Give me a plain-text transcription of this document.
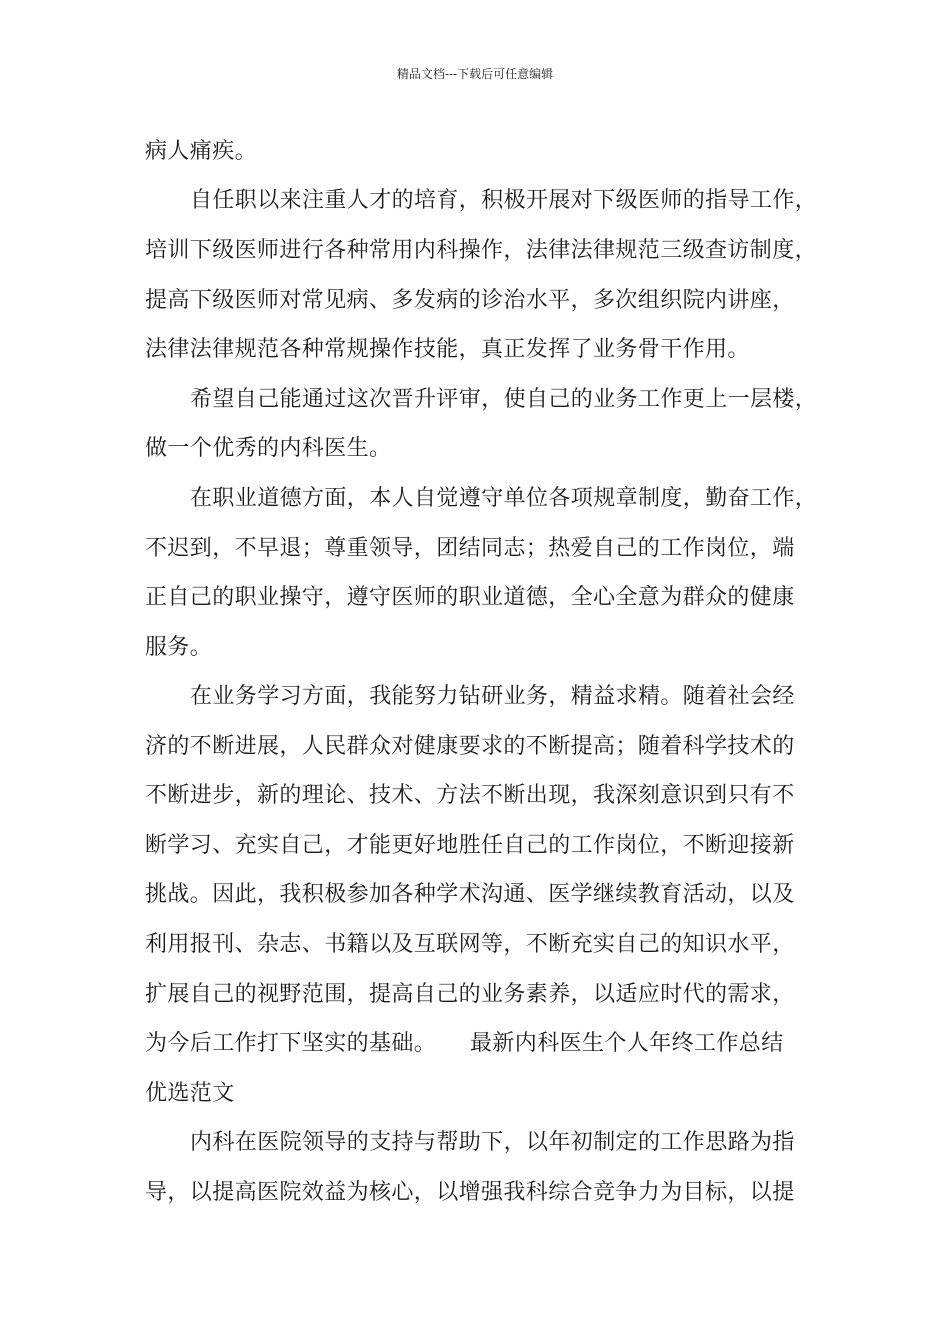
精品文档---下载后可任意编辑
病人痛疾。
自任职以来注重人才的培育，积极开展对下级医师的指导工作，
培训下级医师进行各种常用内科操作，法律法律规范三级查访制度，
提高下级医师对常见病、多发病的诊治水平，多次组织院内讲座，
法律法律规范各种常规操作技能，真正发挥了业务骨干作用。
希望自己能通过这次晋升评审，使自己的业务工作更上一层楼，
做一个优秀的内科医生。
在职业道德方面，本人自觉遵守单位各项规章制度，勤奋工作，
不迟到，不早退；尊重领导，团结同志；热爱自己的工作岗位，端
正自己的职业操守，遵守医师的职业道德，全心全意为群众的健康
服务。
在业务学习方面，我能努力钻研业务，精益求精。随着社会经
济的不断进展，人民群众对健康要求的不断提高；随着科学技术的
不断进步，新的理论、技术、方法不断出现，我深刻意识到只有不
断学习、充实自己，才能更好地胜任自己的工作岗位，不断迎接新
挑战。因此，我积极参加各种学术沟通、医学继续教育活动，以及
利用报刊、杂志、书籍以及互联网等，不断充实自己的知识水平，
扩展自己的视野范围，提高自己的业务素养，以适应时代的需求，
为今后工作打下坚实的基础。　　最新内科医生个人年终工作总结
优选范文
内科在医院领导的支持与帮助下，以年初制定的工作思路为指
导，以提高医院效益为核心，以增强我科综合竞争力为目标，以提
